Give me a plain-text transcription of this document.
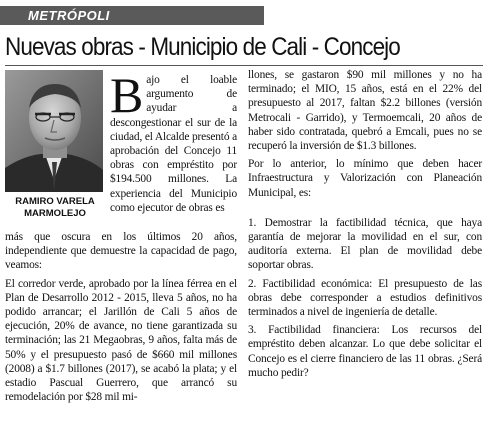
METRÓPOLI
Nuevas obras - Municipio de Cali - Concejo
RAMIRO VARELA
MARMOLEJO

Bajo el loable argumento de ayudar a descongestionar el sur de la ciudad, el Alcalde presentó a aprobación del Concejo 11 obras con empréstito por $194.500 millones. La experiencia del Municipio como ejecutor de obras es

más que oscura en los últimos 20 años, independiente que demuestre la capacidad de pago, veamos:

El corredor verde, aprobado por la línea férrea en el Plan de Desarrollo 2012 - 2015, lleva 5 años, no ha podido arrancar; el Jarillón de Cali 5 años de ejecución, 20% de avance, no tiene garantizada su terminación; las 21 Megaobras, 9 años, falta más de 50% y el presupuesto pasó de $660 mil millones (2008) a $1.7 billones (2017), se acabó la plata; y el estadio Pascual Guerrero, que arrancó su remodelación por $28 mil mi-

llones, se gastaron $90 mil millones y no ha terminado; el MIO, 15 años, está en el 22% del presupuesto al 2017, faltan $2.2 billones (versión Metrocali - Garrido), y Termoemcali, 20 años de haber sido contratada, quebró a Emcali, pues no se recuperó la inversión de $1.3 billones.

Por lo anterior, lo mínimo que deben hacer Infraestructura y Valorización con Planeación Municipal, es:

1. Demostrar la factibilidad técnica, que haya garantía de mejorar la movilidad en el sur, con auditoría externa. El plan de movilidad debe soportar obras.

2. Factibilidad económica: El presupuesto de las obras debe corresponder a estudios definitivos terminados a nivel de ingeniería de detalle.

3. Factibilidad financiera: Los recursos del empréstito deben alcanzar. Lo que debe solicitar el Concejo es el cierre financiero de las 11 obras. ¿Será mucho pedir?
